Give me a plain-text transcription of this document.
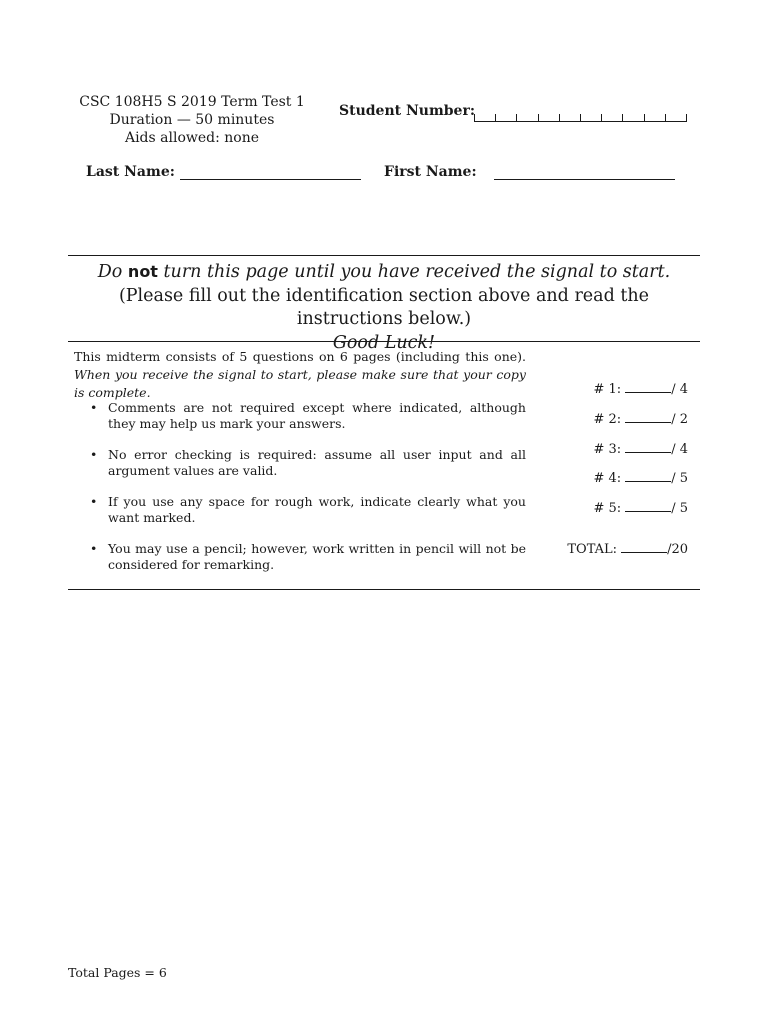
CSC 108H5 S 2019 Term Test 1
Duration — 50 minutes
Aids allowed: none
Student Number:
Last Name:	First Name:
Do not turn this page until you have received the signal to start.
(Please fill out the identification section above and read the instructions below.)
Good Luck!
This midterm consists of 5 questions on 6 pages (including this one). When you receive the signal to start, please make sure that your copy is complete.
• Comments are not required except where indicated, although they may help us mark your answers.
• No error checking is required: assume all user input and all argument values are valid.
• If you use any space for rough work, indicate clearly what you want marked.
• You may use a pencil; however, work written in pencil will not be considered for remarking.
# 1:	/ 4
# 2:	/ 2
# 3:	/ 4
# 4:	/ 5
# 5:	/ 5
TOTAL:	/20
Total Pages = 6
